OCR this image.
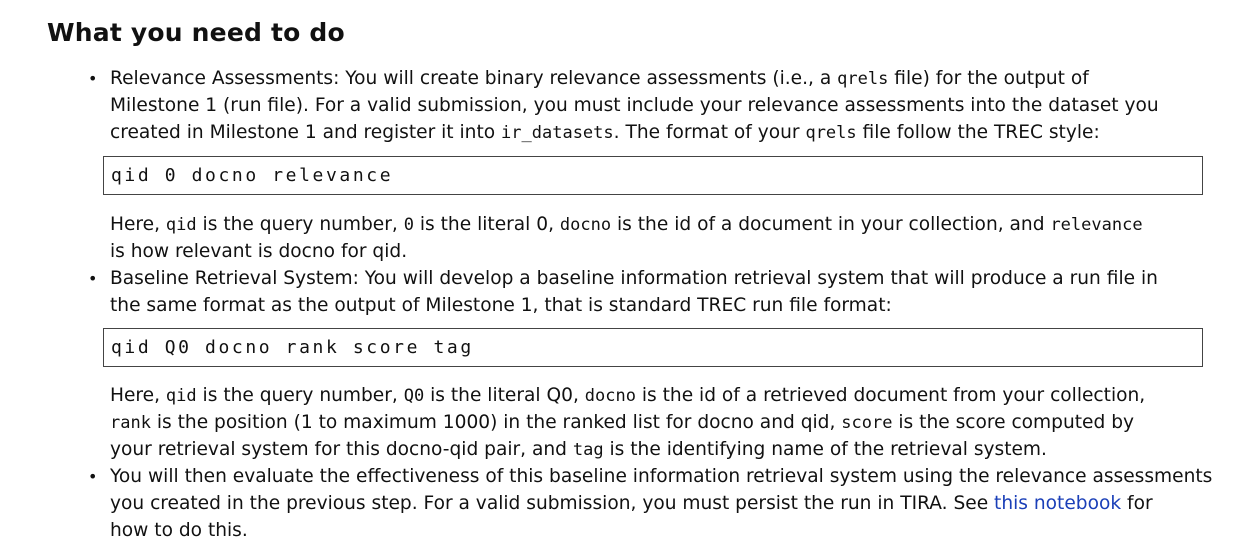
What you need to do
• Relevance Assessments: You will create binary relevance assessments (i.e., a qrels file) for the output of
Milestone 1 (run file). For a valid submission, you must include your relevance assessments into the dataset you
created in Milestone 1 and register it into ir_datasets. The format of your qrels file follow the TREC style:
qid 0 docno relevance
Here, qid is the query number, 0 is the literal 0, docno is the id of a document in your collection, and relevance
is how relevant is docno for qid.
• Baseline Retrieval System: You will develop a baseline information retrieval system that will produce a run file in
the same format as the output of Milestone 1, that is standard TREC run file format:
qid Q0 docno rank score tag
Here, qid is the query number, Q0 is the literal Q0, docno is the id of a retrieved document from your collection,
rank is the position (1 to maximum 1000) in the ranked list for docno and qid, score is the score computed by
your retrieval system for this docno-qid pair, and tag is the identifying name of the retrieval system.
• You will then evaluate the effectiveness of this baseline information retrieval system using the relevance assessments
you created in the previous step. For a valid submission, you must persist the run in TIRA. See this notebook for
how to do this.
